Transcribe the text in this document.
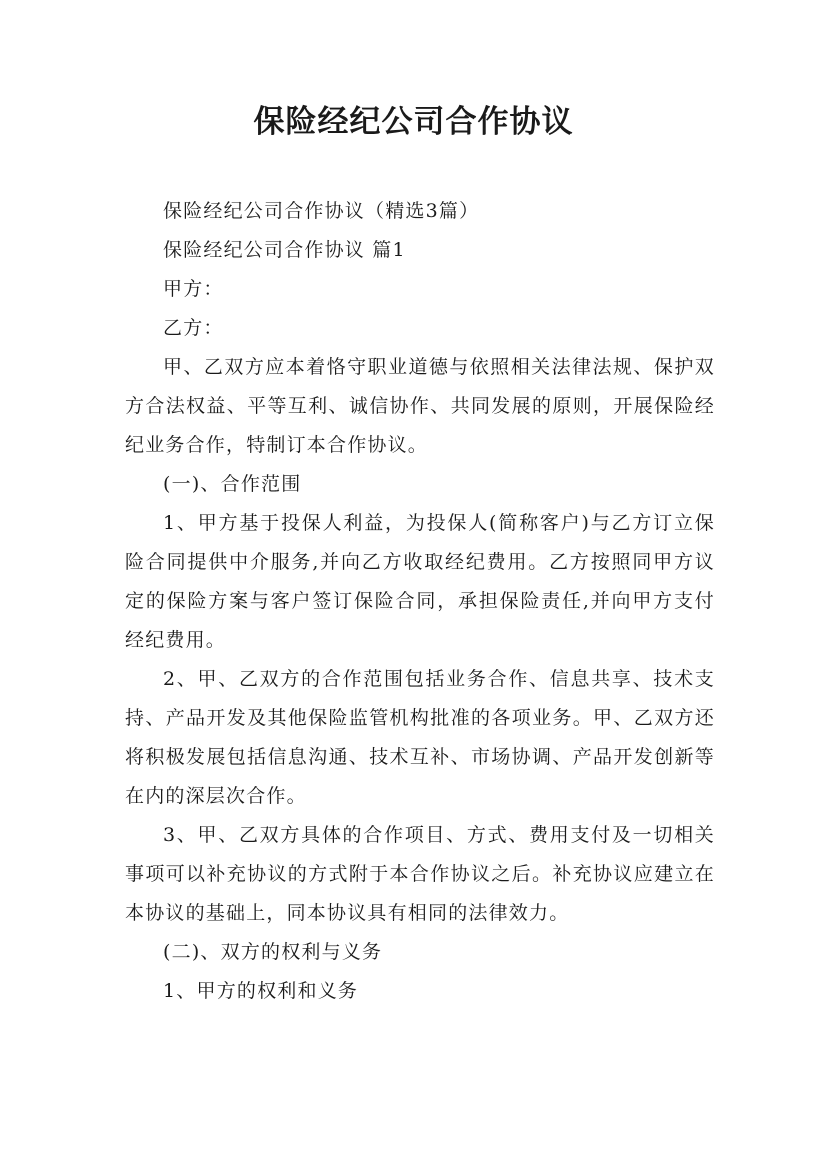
保险经纪公司合作协议

保险经纪公司合作协议（精选3篇）

保险经纪公司合作协议 篇1

甲方：

乙方：

甲、乙双方应本着恪守职业道德与依照相关法律法规、保护双方合法权益、平等互利、诚信协作、共同发展的原则，开展保险经纪业务合作，特制订本合作协议。

(一)、合作范围

1、甲方基于投保人利益，为投保人(简称客户)与乙方订立保险合同提供中介服务,并向乙方收取经纪费用。乙方按照同甲方议定的保险方案与客户签订保险合同，承担保险责任,并向甲方支付经纪费用。

2、甲、乙双方的合作范围包括业务合作、信息共享、技术支持、产品开发及其他保险监管机构批准的各项业务。甲、乙双方还将积极发展包括信息沟通、技术互补、市场协调、产品开发创新等在内的深层次合作。

3、甲、乙双方具体的合作项目、方式、费用支付及一切相关事项可以补充协议的方式附于本合作协议之后。补充协议应建立在本协议的基础上，同本协议具有相同的法律效力。

(二)、双方的权利与义务

1、甲方的权利和义务
